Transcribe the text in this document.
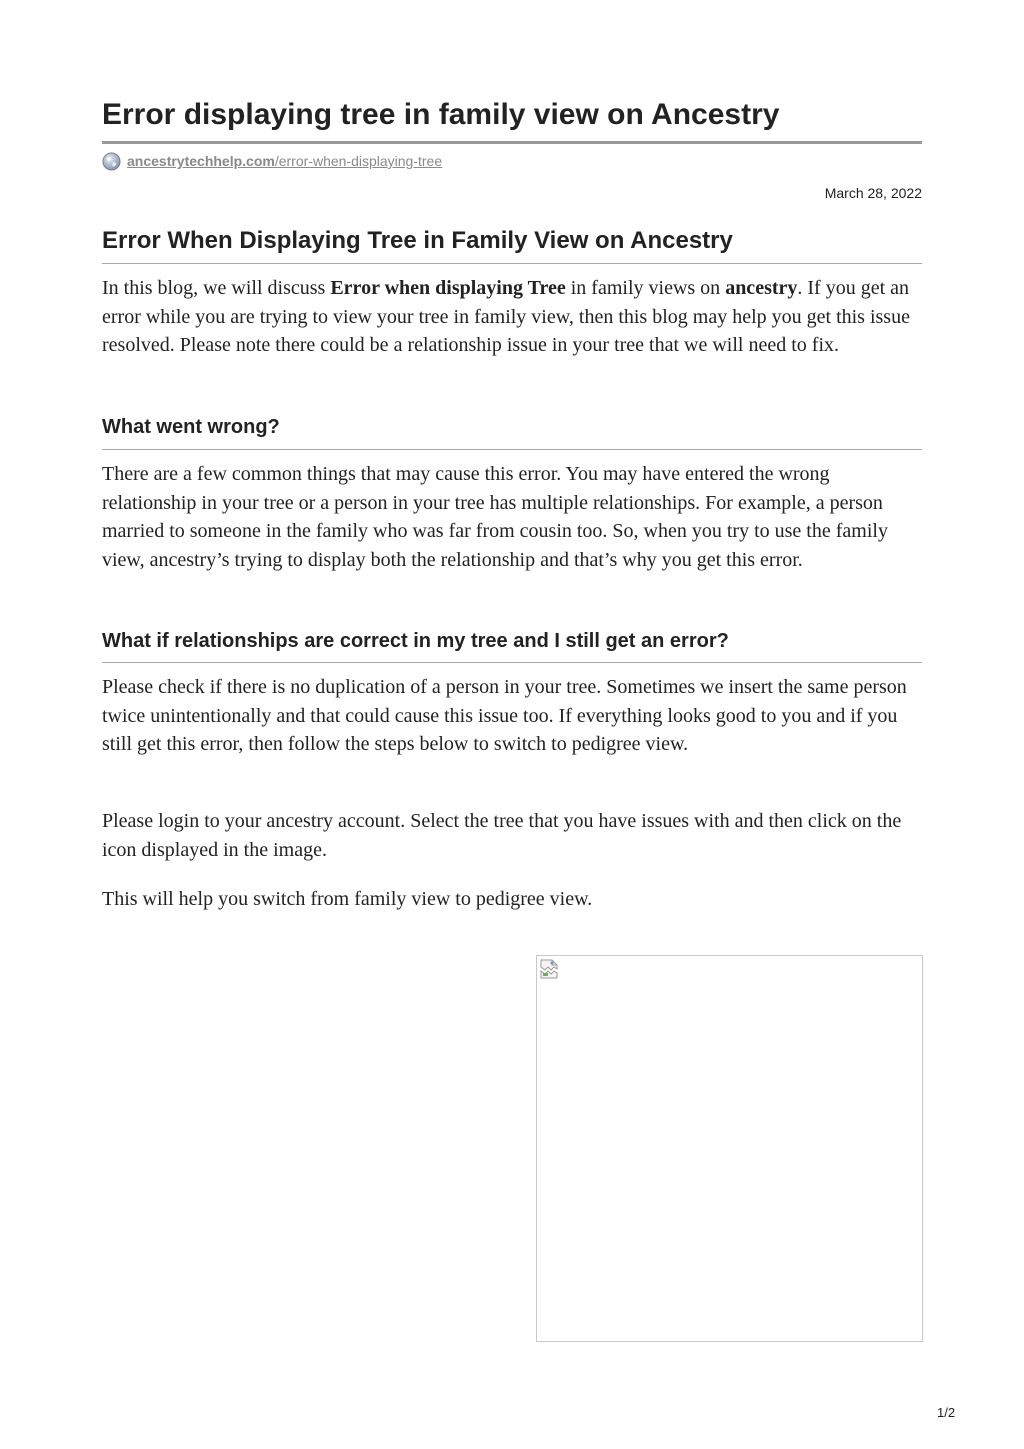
Error displaying tree in family view on Ancestry
ancestrytechhelp.com/error-when-displaying-tree
March 28, 2022
Error When Displaying Tree in Family View on Ancestry

In this blog, we will discuss Error when displaying Tree in family views on ancestry. If you get an error while you are trying to view your tree in family view, then this blog may help you get this issue resolved. Please note there could be a relationship issue in your tree that we will need to fix.

What went wrong?

There are a few common things that may cause this error. You may have entered the wrong relationship in your tree or a person in your tree has multiple relationships. For example, a person married to someone in the family who was far from cousin too. So, when you try to use the family view, ancestry’s trying to display both the relationship and that’s why you get this error.

What if relationships are correct in my tree and I still get an error?

Please check if there is no duplication of a person in your tree. Sometimes we insert the same person twice unintentionally and that could cause this issue too. If everything looks good to you and if you still get this error, then follow the steps below to switch to pedigree view.

Please login to your ancestry account. Select the tree that you have issues with and then click on the icon displayed in the image.

This will help you switch from family view to pedigree view.

1/2
